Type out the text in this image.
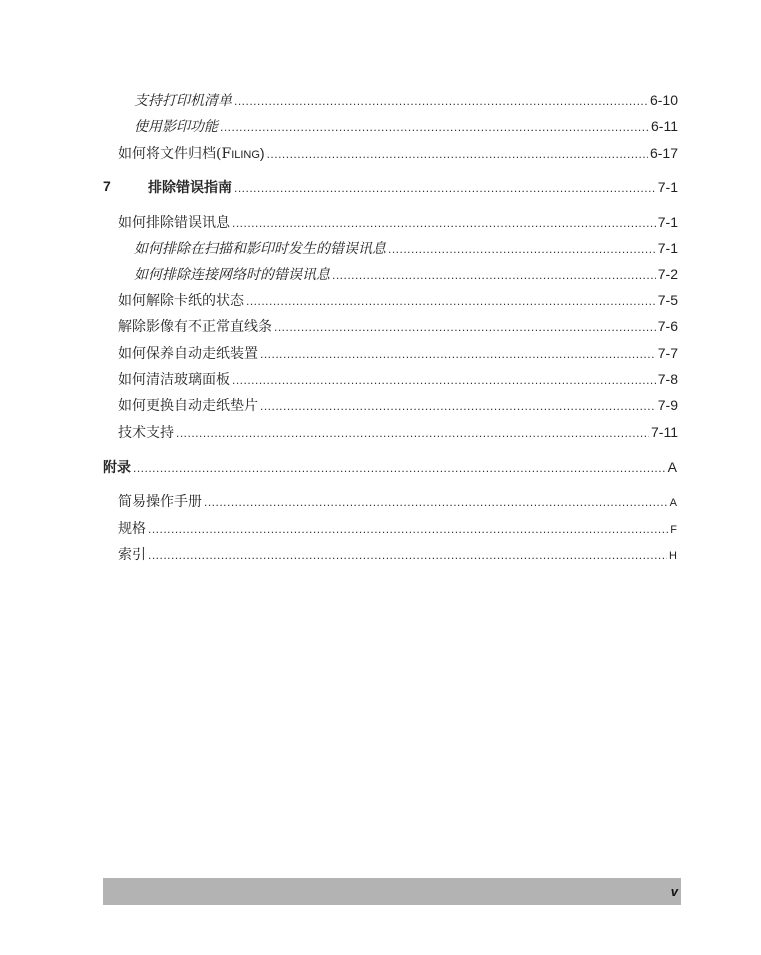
支持打印机清单 .....	6-10
使用影印功能 .....	6-11
如何将文件归档(FILING) .....	6-17
7	排除错误指南 .....	7-1
如何排除错误讯息 .....	7-1
如何排除在扫描和影印时发生的错误讯息 .....	7-1
如何排除连接网络时的错误讯息 .....	7-2
如何解除卡纸的状态 .....	7-5
解除影像有不正常直线条 .....	7-6
如何保养自动走纸装置 .....	7-7
如何清洁玻璃面板 .....	7-8
如何更换自动走纸垫片 .....	7-9
技术支持 .....	7-11
附录 .....	A
简易操作手册 .....	A
规格 .....	F
索引 .....	H
v
